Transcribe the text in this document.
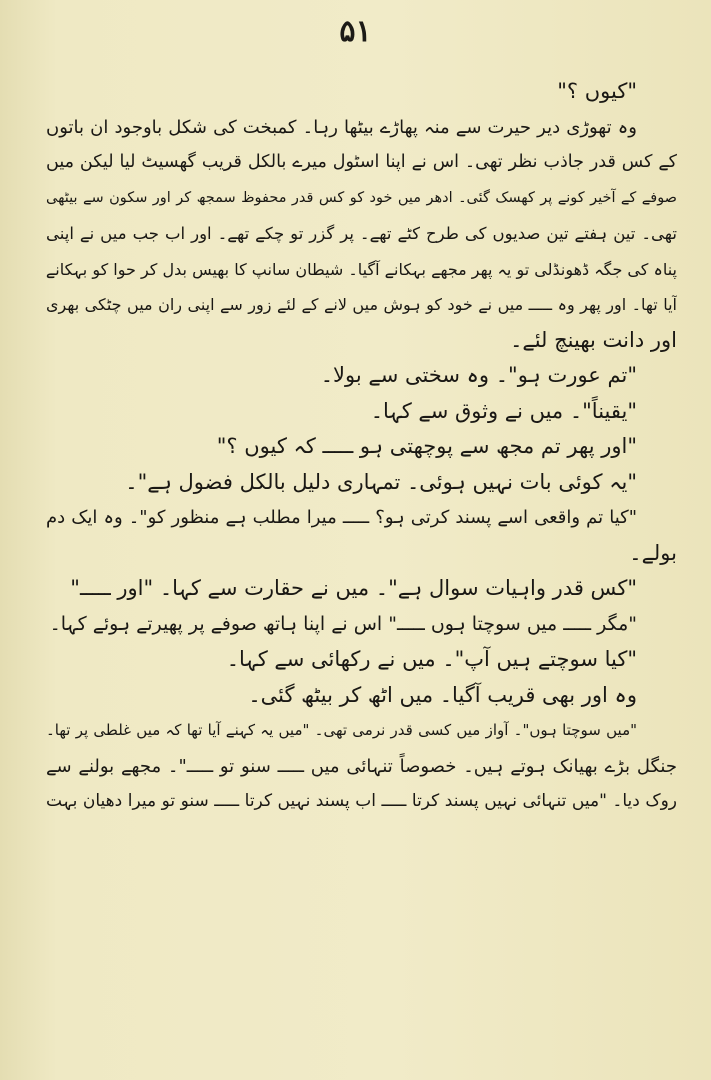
۵۱
"کیوں ؟"
وہ تھوڑی دیر حیرت سے منہ پھاڑے بیٹھا رہا۔ کمبخت کی شکل باوجود ان باتوں
کے کس قدر جاذب نظر تھی۔ اس نے اپنا اسٹول میرے بالکل قریب گھسیٹ لیا لیکن میں
صوفے کے آخیر کونے پر کھسک گئی۔ ادھر میں خود کو کس قدر محفوظ سمجھ کر اور سکون سے بیٹھی
تھی۔ تین ہفتے تین صدیوں کی طرح کٹے تھے۔ پر گزر تو چکے تھے۔ اور اب جب میں نے اپنی
پناہ کی جگہ ڈھونڈلی تو یہ پھر مجھے بہکانے آگیا۔ شیطان سانپ کا بھیس بدل کر حوا کو بہکانے
آیا تھا۔ اور پھر وہ ـــــ میں نے خود کو ہوش میں لانے کے لئے زور سے اپنی ران میں چٹکی بھری
اور دانت بھینچ لئے۔
"تم عورت ہو"۔ وہ سختی سے بولا۔
"یقیناً"۔ میں نے وثوق سے کہا۔
"اور پھر تم مجھ سے پوچھتی ہو ـــــ کہ کیوں ؟"
"یہ کوئی بات نہیں ہوئی۔ تمہاری دلیل بالکل فضول ہے"۔
"کیا تم واقعی اسے پسند کرتی ہو؟ ـــــ میرا مطلب ہے منظور کو"۔ وہ ایک دم
بولے۔
"کس قدر واہیات سوال ہے"۔ میں نے حقارت سے کہا۔ "اور ـــــ"
"مگر ـــــ میں سوچتا ہوں ـــــ" اس نے اپنا ہاتھ صوفے پر پھیرتے ہوئے کہا۔
"کیا سوچتے ہیں آپ"۔ میں نے رکھائی سے کہا۔
وہ اور بھی قریب آگیا۔ میں اٹھ کر بیٹھ گئی۔
"میں سوچتا ہوں"۔ آواز میں کسی قدر نرمی تھی۔ "میں یہ کہنے آیا تھا کہ میں غلطی پر تھا۔
جنگل بڑے بھیانک ہوتے ہیں۔ خصوصاً تنہائی میں ـــــ سنو تو ـــــ"۔ مجھے بولنے سے
روک دیا۔ "میں تنہائی نہیں پسند کرتا ـــــ اب پسند نہیں کرتا ـــــ سنو تو میرا دھیان بہت
